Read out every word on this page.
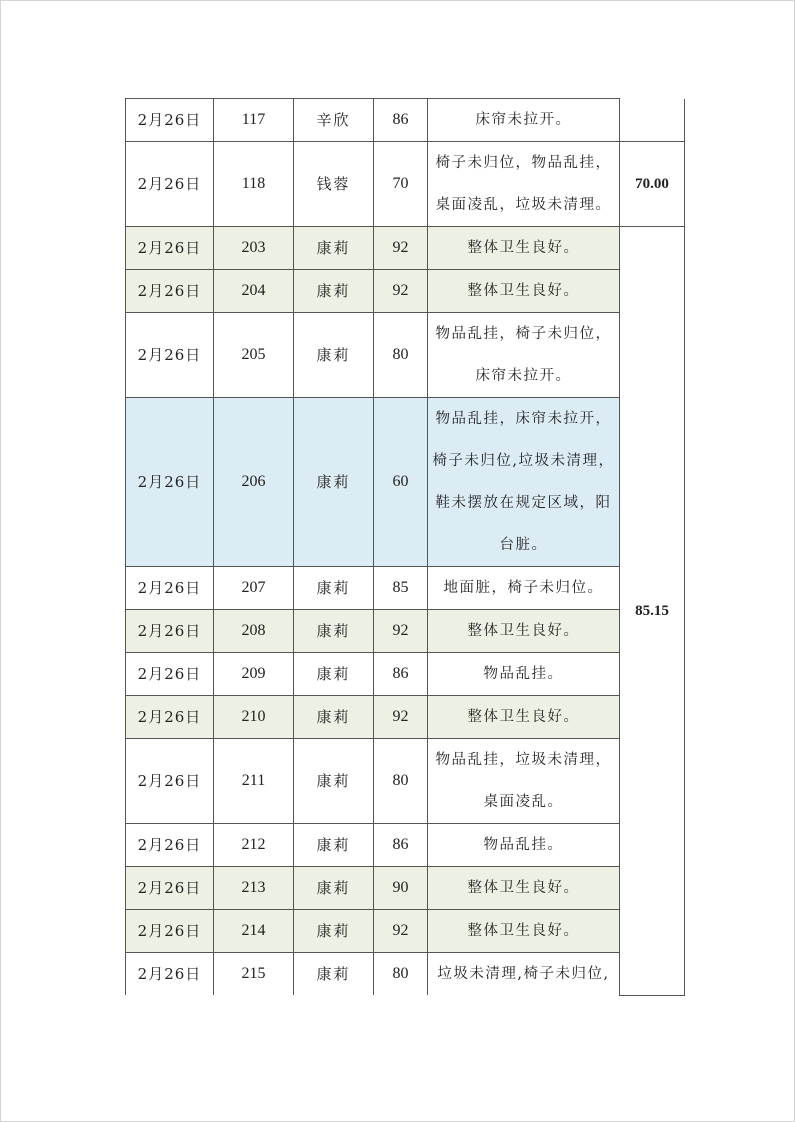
2月26日	117	辛欣	86	床帘未拉开。	

2月26日	118	钱蓉	70	椅子未归位，物品乱挂，
桌面凌乱，垃圾未清理。	70.00
2月26日	203	康莉	92	整体卫生良好。	85.15
2月26日	204	康莉	92	整体卫生良好。	

2月26日	205	康莉	80	物品乱挂，椅子未归位，
床帘未拉开。	

2月26日	206	康莉	60	物品乱挂，床帘未拉开，
椅子未归位,垃圾未清理，
鞋未摆放在规定区域，阳
台脏。	

2月26日	207	康莉	85	地面脏，椅子未归位。	

2月26日	208	康莉	92	整体卫生良好。	

2月26日	209	康莉	86	物品乱挂。	

2月26日	210	康莉	92	整体卫生良好。	

2月26日	211	康莉	80	物品乱挂，垃圾未清理，
桌面凌乱。	

2月26日	212	康莉	86	物品乱挂。	

2月26日	213	康莉	90	整体卫生良好。	

2月26日	214	康莉	92	整体卫生良好。	

2月26日	215	康莉	80	垃圾未清理,椅子未归位,	
